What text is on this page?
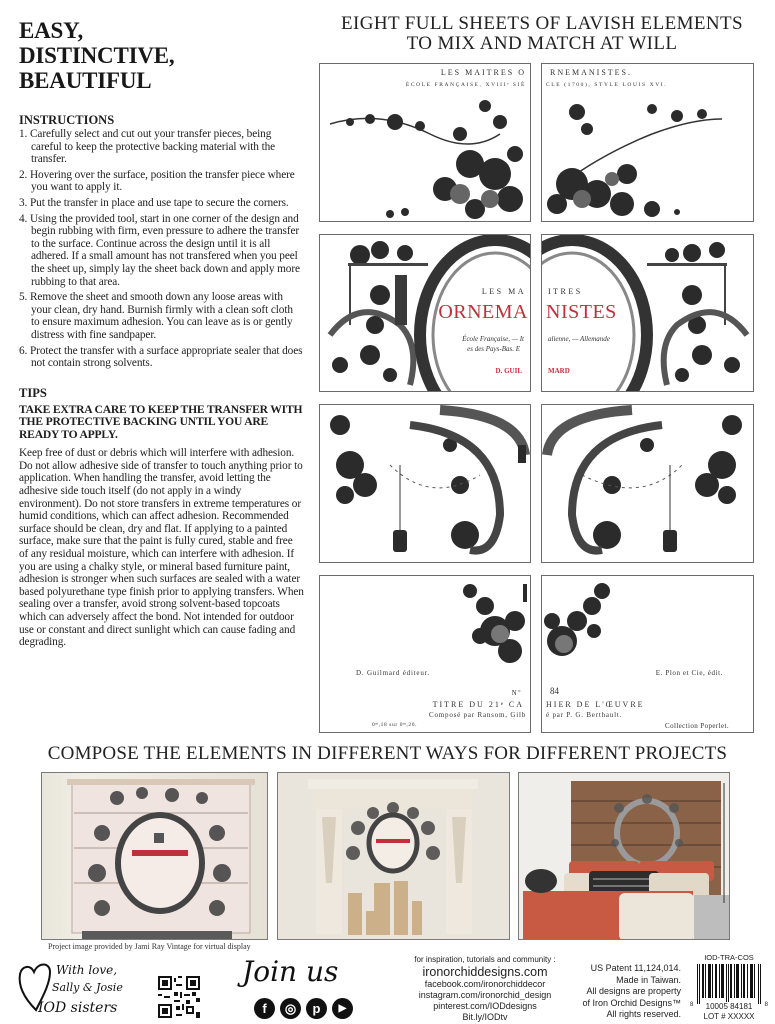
EASY,
DISTINCTIVE,
BEAUTIFUL
INSTRUCTIONS
1. Carefully select and cut out your transfer pieces, being careful to keep the protective backing material with the transfer.
2. Hovering over the surface, position the transfer piece where you want to apply it.
3. Put the transfer in place and use tape to secure the corners.
4. Using the provided tool, start in one corner of the design and begin rubbing with firm, even pressure to adhere the transfer to the surface. Continue across the design until it is all adhered. If a small amount has not transfered when you peel the sheet up, simply lay the sheet back down and apply more rubbing to that area.
5. Remove the sheet and smooth down any loose areas with your clean, dry hand. Burnish firmly with a clean soft cloth to ensure maximum adhesion. You can leave as is or gently distress with fine sandpaper.
6. Protect the transfer with a surface appropriate sealer that does not contain strong solvents.
TIPS
TAKE EXTRA CARE TO KEEP THE TRANSFER WITH THE PROTECTIVE BACKING UNTIL YOU ARE READY TO APPLY.
Keep free of dust or debris which will interfere with adhesion. Do not allow adhesive side of transfer to touch anything prior to application. When handling the transfer, avoid letting the adhesive side touch itself (do not apply in a windy environment). Do not store transfers in extreme temperatures or humid conditions, which can affect adhesion. Recommended surface should be clean, dry and flat. If applying to a painted surface, make sure that the paint is fully cured, stable and free of any residual moisture, which can interfere with adhesion. If you are using a chalky style, or mineral based furniture paint, adhesion is stronger when such surfaces are sealed with a water based polyurethane type finish prior to applying transfers. When sealing over a transfer, avoid strong solvent-based topcoats which can adversely affect the bond. Not intended for outdoor use or constant and direct sunlight which can cause fading and degrading.
EIGHT FULL SHEETS OF LAVISH ELEMENTS
TO MIX AND MATCH AT WILL
LES MAITRES O
ÉCOLE FRANÇAISE, XVIIIᵉ SIÈ
RNEMANISTES.
CLE (1700), STYLE LOUIS XVI.
LES MA
ORNEMA
École Française, — It
es des Pays-Bas. E
D. GUIL
ITRES
NISTES
alienne, — Allemande
MARD
D. Guilmard éditeur.
Nº
TITRE DU 21ᵉ CA
Composé par Ransom, Gilb
0ᵐ,18 sur 0ᵐ,20.
E. Plon et Cie, édit.
84
HIER DE L'ŒUVRE
é par P. G. Berthault.
Collection Poperlet.
COMPOSE THE ELEMENTS IN DIFFERENT WAYS FOR DIFFERENT PROJECTS
Project image provided by Jami Ray Vintage for virtual display
With love,
Sally & Josie
IOD sisters
Join us
f	◎	p	▶
for inspiration, tutorials and community :
ironorchiddesigns.com
facebook.com/ironorchiddecor
instagram.com/ironorchid_design
pinterest.com/IODdesigns
Bit.ly/IODtv
US Patent 11,124,014.
Made in Taiwan.
All designs are property
of Iron Orchid Designs™
All rights reserved.
IOD-TRA-COS
8 10005 84181 8
LOT # XXXXX
